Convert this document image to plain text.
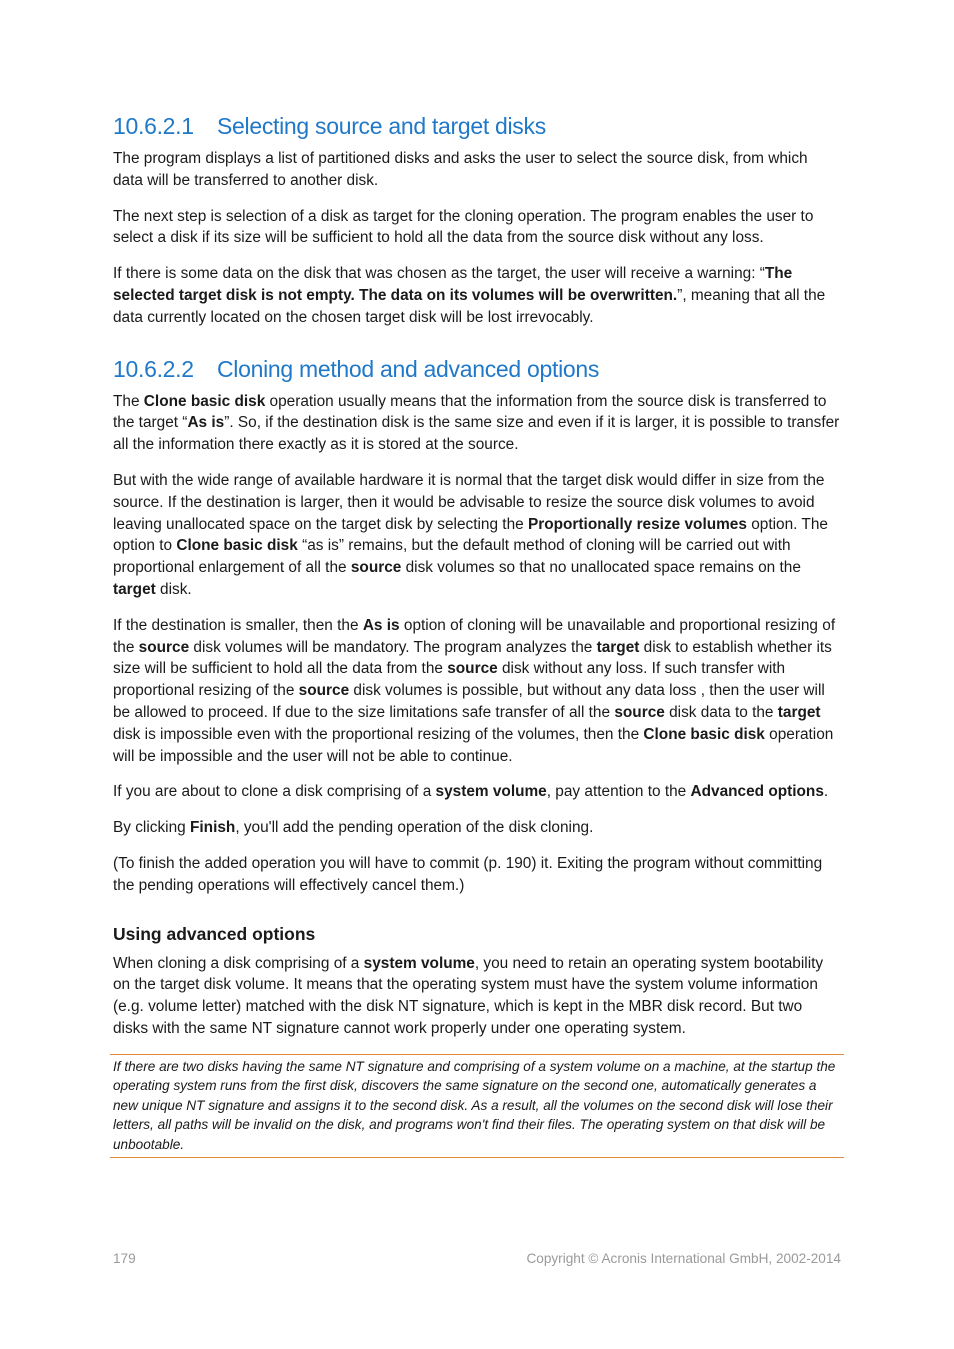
10.6.2.1 Selecting source and target disks

The program displays a list of partitioned disks and asks the user to select the source disk, from which data will be transferred to another disk.

The next step is selection of a disk as target for the cloning operation. The program enables the user to select a disk if its size will be sufficient to hold all the data from the source disk without any loss.

If there is some data on the disk that was chosen as the target, the user will receive a warning: “The selected target disk is not empty. The data on its volumes will be overwritten.”, meaning that all the data currently located on the chosen target disk will be lost irrevocably.

10.6.2.2 Cloning method and advanced options

The Clone basic disk operation usually means that the information from the source disk is transferred to the target “As is”. So, if the destination disk is the same size and even if it is larger, it is possible to transfer all the information there exactly as it is stored at the source.

But with the wide range of available hardware it is normal that the target disk would differ in size from the source. If the destination is larger, then it would be advisable to resize the source disk volumes to avoid leaving unallocated space on the target disk by selecting the Proportionally resize volumes option. The option to Clone basic disk “as is” remains, but the default method of cloning will be carried out with proportional enlargement of all the source disk volumes so that no unallocated space remains on the target disk.

If the destination is smaller, then the As is option of cloning will be unavailable and proportional resizing of the source disk volumes will be mandatory. The program analyzes the target disk to establish whether its size will be sufficient to hold all the data from the source disk without any loss. If such transfer with proportional resizing of the source disk volumes is possible, but without any data loss , then the user will be allowed to proceed. If due to the size limitations safe transfer of all the source disk data to the target disk is impossible even with the proportional resizing of the volumes, then the Clone basic disk operation will be impossible and the user will not be able to continue.

If you are about to clone a disk comprising of a system volume, pay attention to the Advanced options.

By clicking Finish, you'll add the pending operation of the disk cloning.

(To finish the added operation you will have to commit (p. 190) it. Exiting the program without committing the pending operations will effectively cancel them.)

Using advanced options

When cloning a disk comprising of a system volume, you need to retain an operating system bootability on the target disk volume. It means that the operating system must have the system volume information (e.g. volume letter) matched with the disk NT signature, which is kept in the MBR disk record. But two disks with the same NT signature cannot work properly under one operating system.

If there are two disks having the same NT signature and comprising of a system volume on a machine, at the startup the operating system runs from the first disk, discovers the same signature on the second one, automatically generates a new unique NT signature and assigns it to the second disk. As a result, all the volumes on the second disk will lose their letters, all paths will be invalid on the disk, and programs won't find their files. The operating system on that disk will be unbootable.
179	Copyright © Acronis International GmbH, 2002-2014
